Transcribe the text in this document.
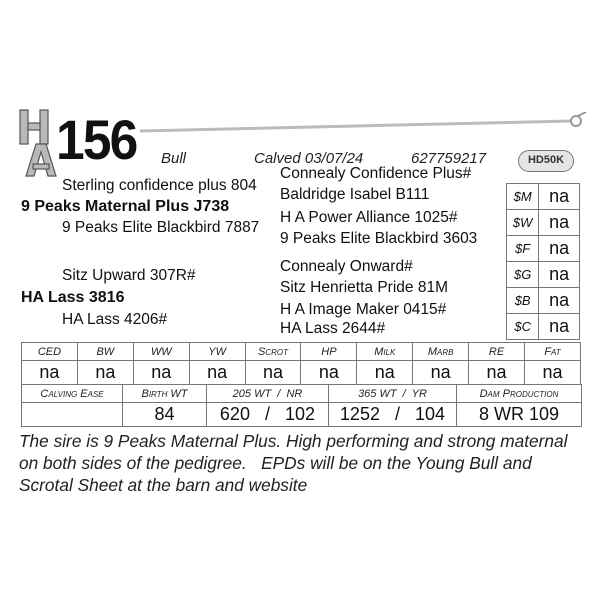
156 Bull	Calved 03/07/24	627759217	HD50K
Sterling confidence plus 804
9 Peaks Maternal Plus J738
9 Peaks Elite Blackbird 7887
Sitz Upward 307R#
HA Lass 3816
HA Lass 4206#
Connealy Confidence Plus#
Baldridge Isabel B111
H A Power Alliance 1025#
9 Peaks Elite Blackbird 3603
Connealy Onward#
Sitz Henrietta Pride 81M
H A Image Maker 0415#
HA Lass 2644#
$M	na
$W	na
$F	na
$G	na
$B	na
$C	na
CED	BW	WW	YW	Scrot	HP	Milk	Marb	RE	Fat
na	na	na	na	na	na	na	na	na	na
Calving Ease	Birth WT	205 WT  /  NR	365 WT  /  YR	Dam Production
	84	620 / 102	1252 / 104	8 WR 109
The sire is 9 Peaks Maternal Plus. High performing and strong maternal on both sides of the pedigree.   EPDs will be on the Young Bull and Scrotal Sheet at the barn and website
